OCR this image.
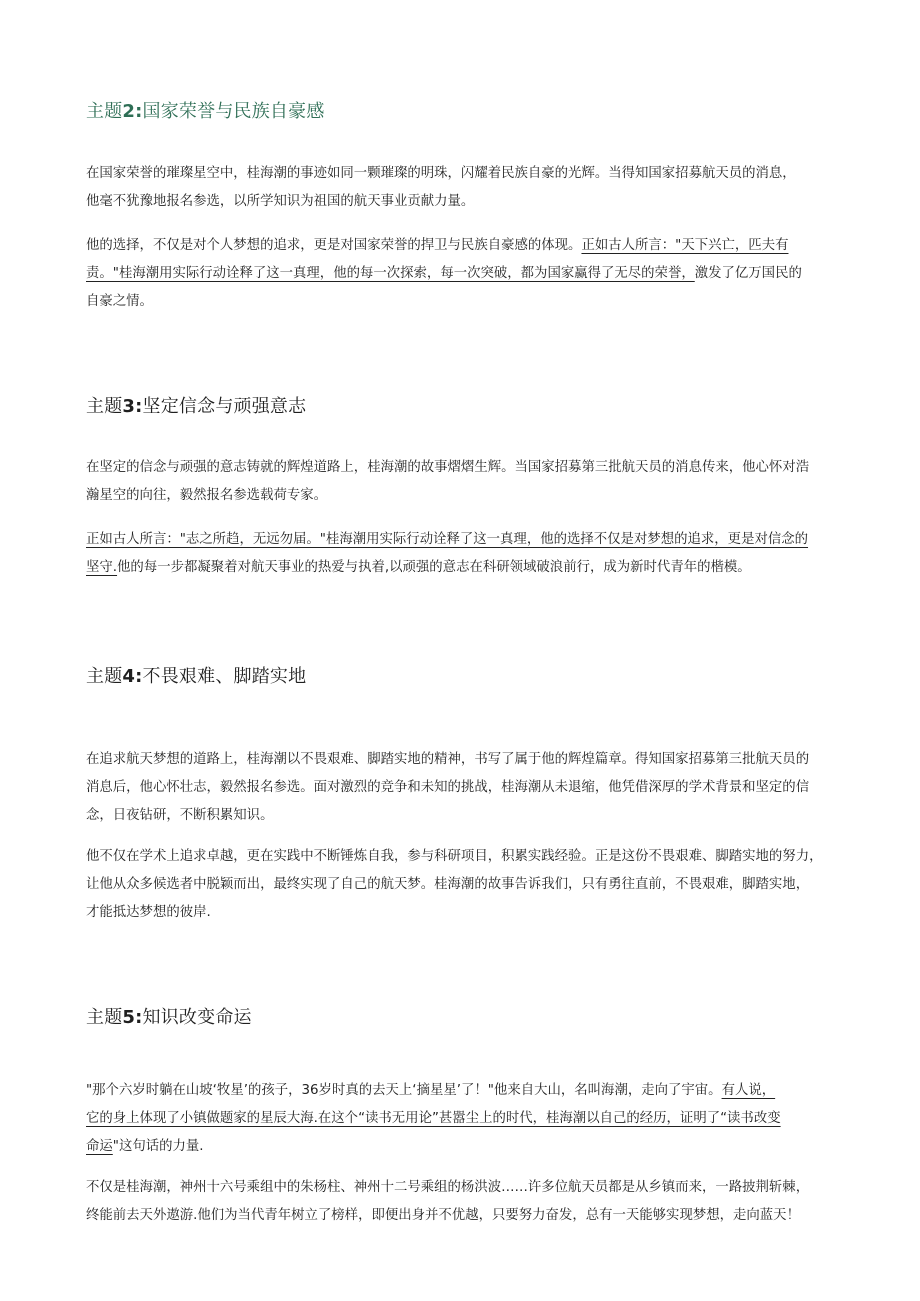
主题2:国家荣誉与民族自豪感
在国家荣誉的璀璨星空中，桂海潮的事迹如同一颗璀璨的明珠，闪耀着民族自豪的光辉。当得知国家招募航天员的消息，
他毫不犹豫地报名参选，以所学知识为祖国的航天事业贡献力量。
他的选择，不仅是对个人梦想的追求，更是对国家荣誉的捍卫与民族自豪感的体现。正如古人所言："天下兴亡，匹夫有
责。"桂海潮用实际行动诠释了这一真理，他的每一次探索，每一次突破，都为国家赢得了无尽的荣誉，激发了亿万国民的
自豪之情。
主题3:坚定信念与顽强意志
在坚定的信念与顽强的意志铸就的辉煌道路上，桂海潮的故事熠熠生辉。当国家招募第三批航天员的消息传来，他心怀对浩
瀚星空的向往，毅然报名参选载荷专家。
正如古人所言："志之所趋，无远勿届。"桂海潮用实际行动诠释了这一真理，他的选择不仅是对梦想的追求，更是对信念的
坚守.他的每一步都凝聚着对航天事业的热爱与执着,以顽强的意志在科研领域破浪前行，成为新时代青年的楷模。
主题4:不畏艰难、脚踏实地
在追求航天梦想的道路上，桂海潮以不畏艰难、脚踏实地的精神，书写了属于他的辉煌篇章。得知国家招募第三批航天员的
消息后，他心怀壮志，毅然报名参选。面对激烈的竞争和未知的挑战，桂海潮从未退缩，他凭借深厚的学术背景和坚定的信
念，日夜钻研，不断积累知识。
他不仅在学术上追求卓越，更在实践中不断锤炼自我，参与科研项目，积累实践经验。正是这份不畏艰难、脚踏实地的努力，
让他从众多候选者中脱颖而出，最终实现了自己的航天梦。桂海潮的故事告诉我们，只有勇往直前，不畏艰难，脚踏实地，
才能抵达梦想的彼岸.
主题5:知识改变命运
"那个六岁时躺在山坡‘牧星’的孩子，36岁时真的去天上‘摘星星’了！"他来自大山，名叫海潮，走向了宇宙。有人说，
它的身上体现了小镇做题家的星辰大海.在这个“读书无用论”甚嚣尘上的时代，桂海潮以自己的经历，证明了“读书改变
命运"这句话的力量.
不仅是桂海潮，神州十六号乘组中的朱杨柱、神州十二号乘组的杨洪波……许多位航天员都是从乡镇而来，一路披荆斩棘，
终能前去天外遨游.他们为当代青年树立了榜样，即便出身并不优越，只要努力奋发，总有一天能够实现梦想，走向蓝天！
